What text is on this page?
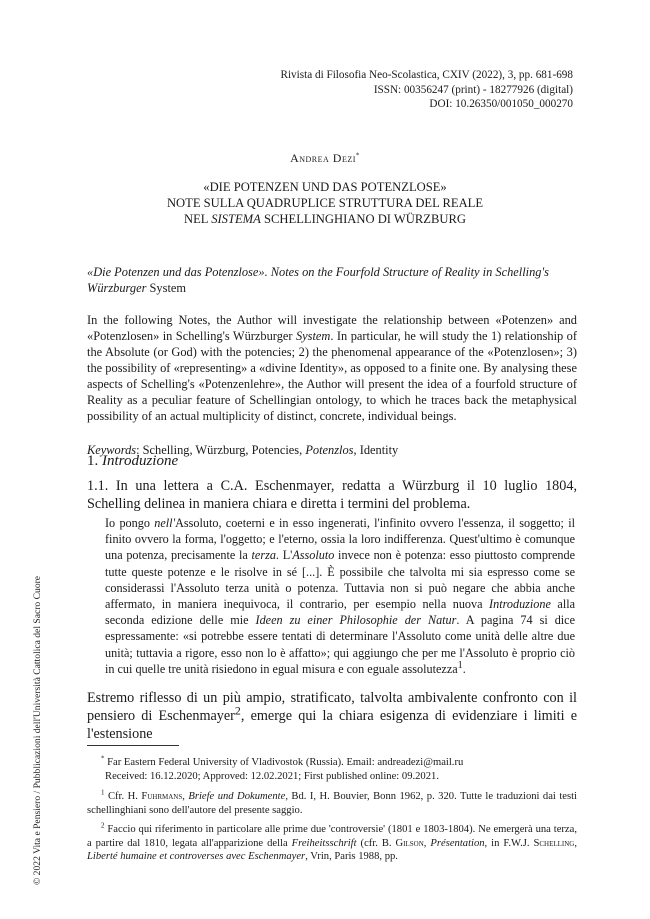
Rivista di Filosofia Neo-Scolastica, CXIV (2022), 3, pp. 681-698
ISSN: 00356247 (print) - 18277926 (digital)
DOI: 10.26350/001050_000270
Andrea Dezi*
«DIE POTENZEN UND DAS POTENZLOSE»
NOTE SULLA QUADRUPLICE STRUTTURA DEL REALE
NEL SISTEMA SCHELLINGHIANO DI WÜRZBURG
«Die Potenzen und das Potenzlose». Notes on the Fourfold Structure of Reality in Schelling's Würzburger System
In the following Notes, the Author will investigate the relationship between «Potenzen» and «Potenzlosen» in Schelling's Würzburger System. In particular, he will study the 1) relationship of the Absolute (or God) with the potencies; 2) the phenomenal appearance of the «Potenzlosen»; 3) the possibility of «representing» a «divine Identity», as opposed to a finite one. By analysing these aspects of Schelling's «Potenzenlehre», the Author will present the idea of a fourfold structure of Reality as a peculiar feature of Schellingian ontology, to which he traces back the metaphysical possibility of an actual multiplicity of distinct, concrete, individual beings.
Keywords: Schelling, Würzburg, Potencies, Potenzlos, Identity
1. Introduzione
1.1. In una lettera a C.A. Eschenmayer, redatta a Würzburg il 10 luglio 1804, Schelling delinea in maniera chiara e diretta i termini del problema.
Io pongo nell'Assoluto, coeterni e in esso ingenerati, l'infinito ovvero l'essenza, il soggetto; il finito ovvero la forma, l'oggetto; e l'eterno, ossia la loro indifferenza. Quest'ultimo è comunque una potenza, precisamente la terza. L'Assoluto invece non è potenza: esso piuttosto comprende tutte queste potenze e le risolve in sé [...]. È possibile che talvolta mi sia espresso come se considerassi l'Assoluto terza unità o potenza. Tuttavia non si può negare che abbia anche affermato, in maniera inequivoca, il contrario, per esempio nella nuova Introduzione alla seconda edizione delle mie Ideen zu einer Philosophie der Natur. A pagina 74 si dice espressamente: «si potrebbe essere tentati di determinare l'Assoluto come unità delle altre due unità; tuttavia a rigore, esso non lo è affatto»; qui aggiungo che per me l'Assoluto è proprio ciò in cui quelle tre unità risiedono in egual misura e con eguale assolutezza$^1$.
Estremo riflesso di un più ampio, stratificato, talvolta ambivalente confronto con il pensiero di Eschenmayer$^2$, emerge qui la chiara esigenza di evidenziare i limiti e l'estensione
* Far Eastern Federal University of Vladivostok (Russia). Email: andreadezi@mail.ru
Received: 16.12.2020; Approved: 12.02.2021; First published online: 09.2021.
$^1$ Cfr. H. Fuhrmans, Briefe und Dokumente, Bd. I, H. Bouvier, Bonn 1962, p. 320. Tutte le traduzioni dai testi schellinghiani sono dell'autore del presente saggio.
$^2$ Faccio qui riferimento in particolare alle prime due 'controversie' (1801 e 1803-1804). Ne emergerà una terza, a partire dal 1810, legata all'apparizione della Freiheitsschrift (cfr. B. Gilson, Présentation, in F.W.J. Schelling, Liberté humaine et controverses avec Eschenmayer, Vrin, Paris 1988, pp.
© 2022 Vita e Pensiero / Pubblicazioni dell'Università Cattolica del Sacro Cuore
